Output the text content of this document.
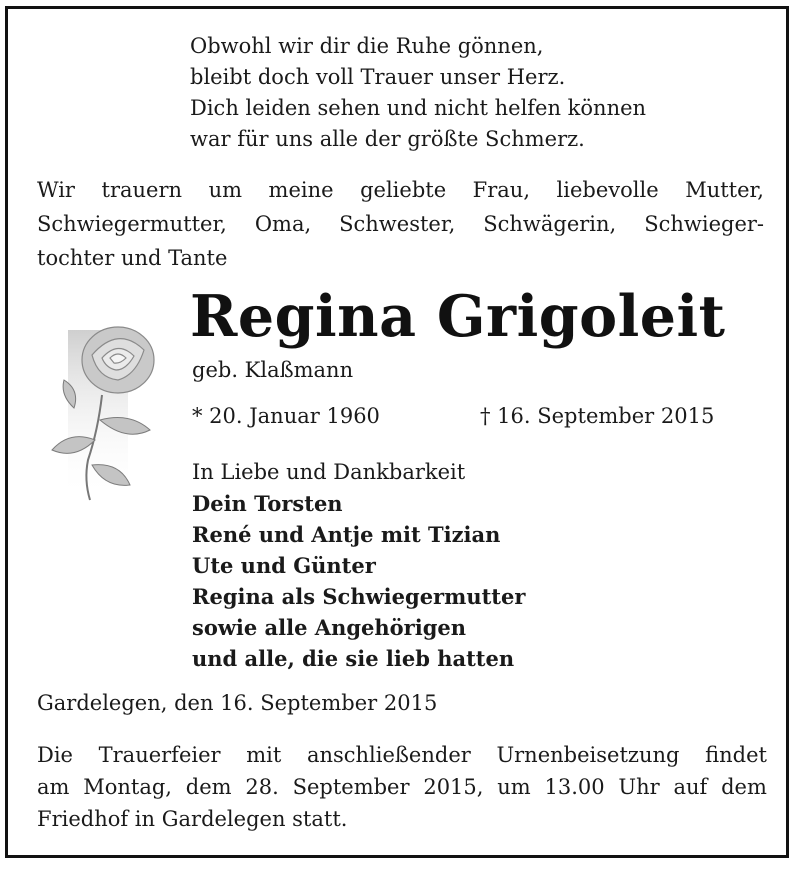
Obwohl wir dir die Ruhe gönnen,
bleibt doch voll Trauer unser Herz.
Dich leiden sehen und nicht helfen können
war für uns alle der größte Schmerz.
Wir trauern um meine geliebte Frau, liebevolle Mutter,
Schwiegermutter, Oma, Schwester, Schwägerin, Schwieger-
tochter und Tante
Regina Grigoleit
geb. Klaßmann
* 20. Januar 1960	† 16. September 2015
In Liebe und Dankbarkeit
Dein Torsten
René und Antje mit Tizian
Ute und Günter
Regina als Schwiegermutter
sowie alle Angehörigen
und alle, die sie lieb hatten
Gardelegen, den 16. September 2015
Die Trauerfeier mit anschließender Urnenbeisetzung findet
am Montag, dem 28. September 2015, um 13.00 Uhr auf dem
Friedhof in Gardelegen statt.
